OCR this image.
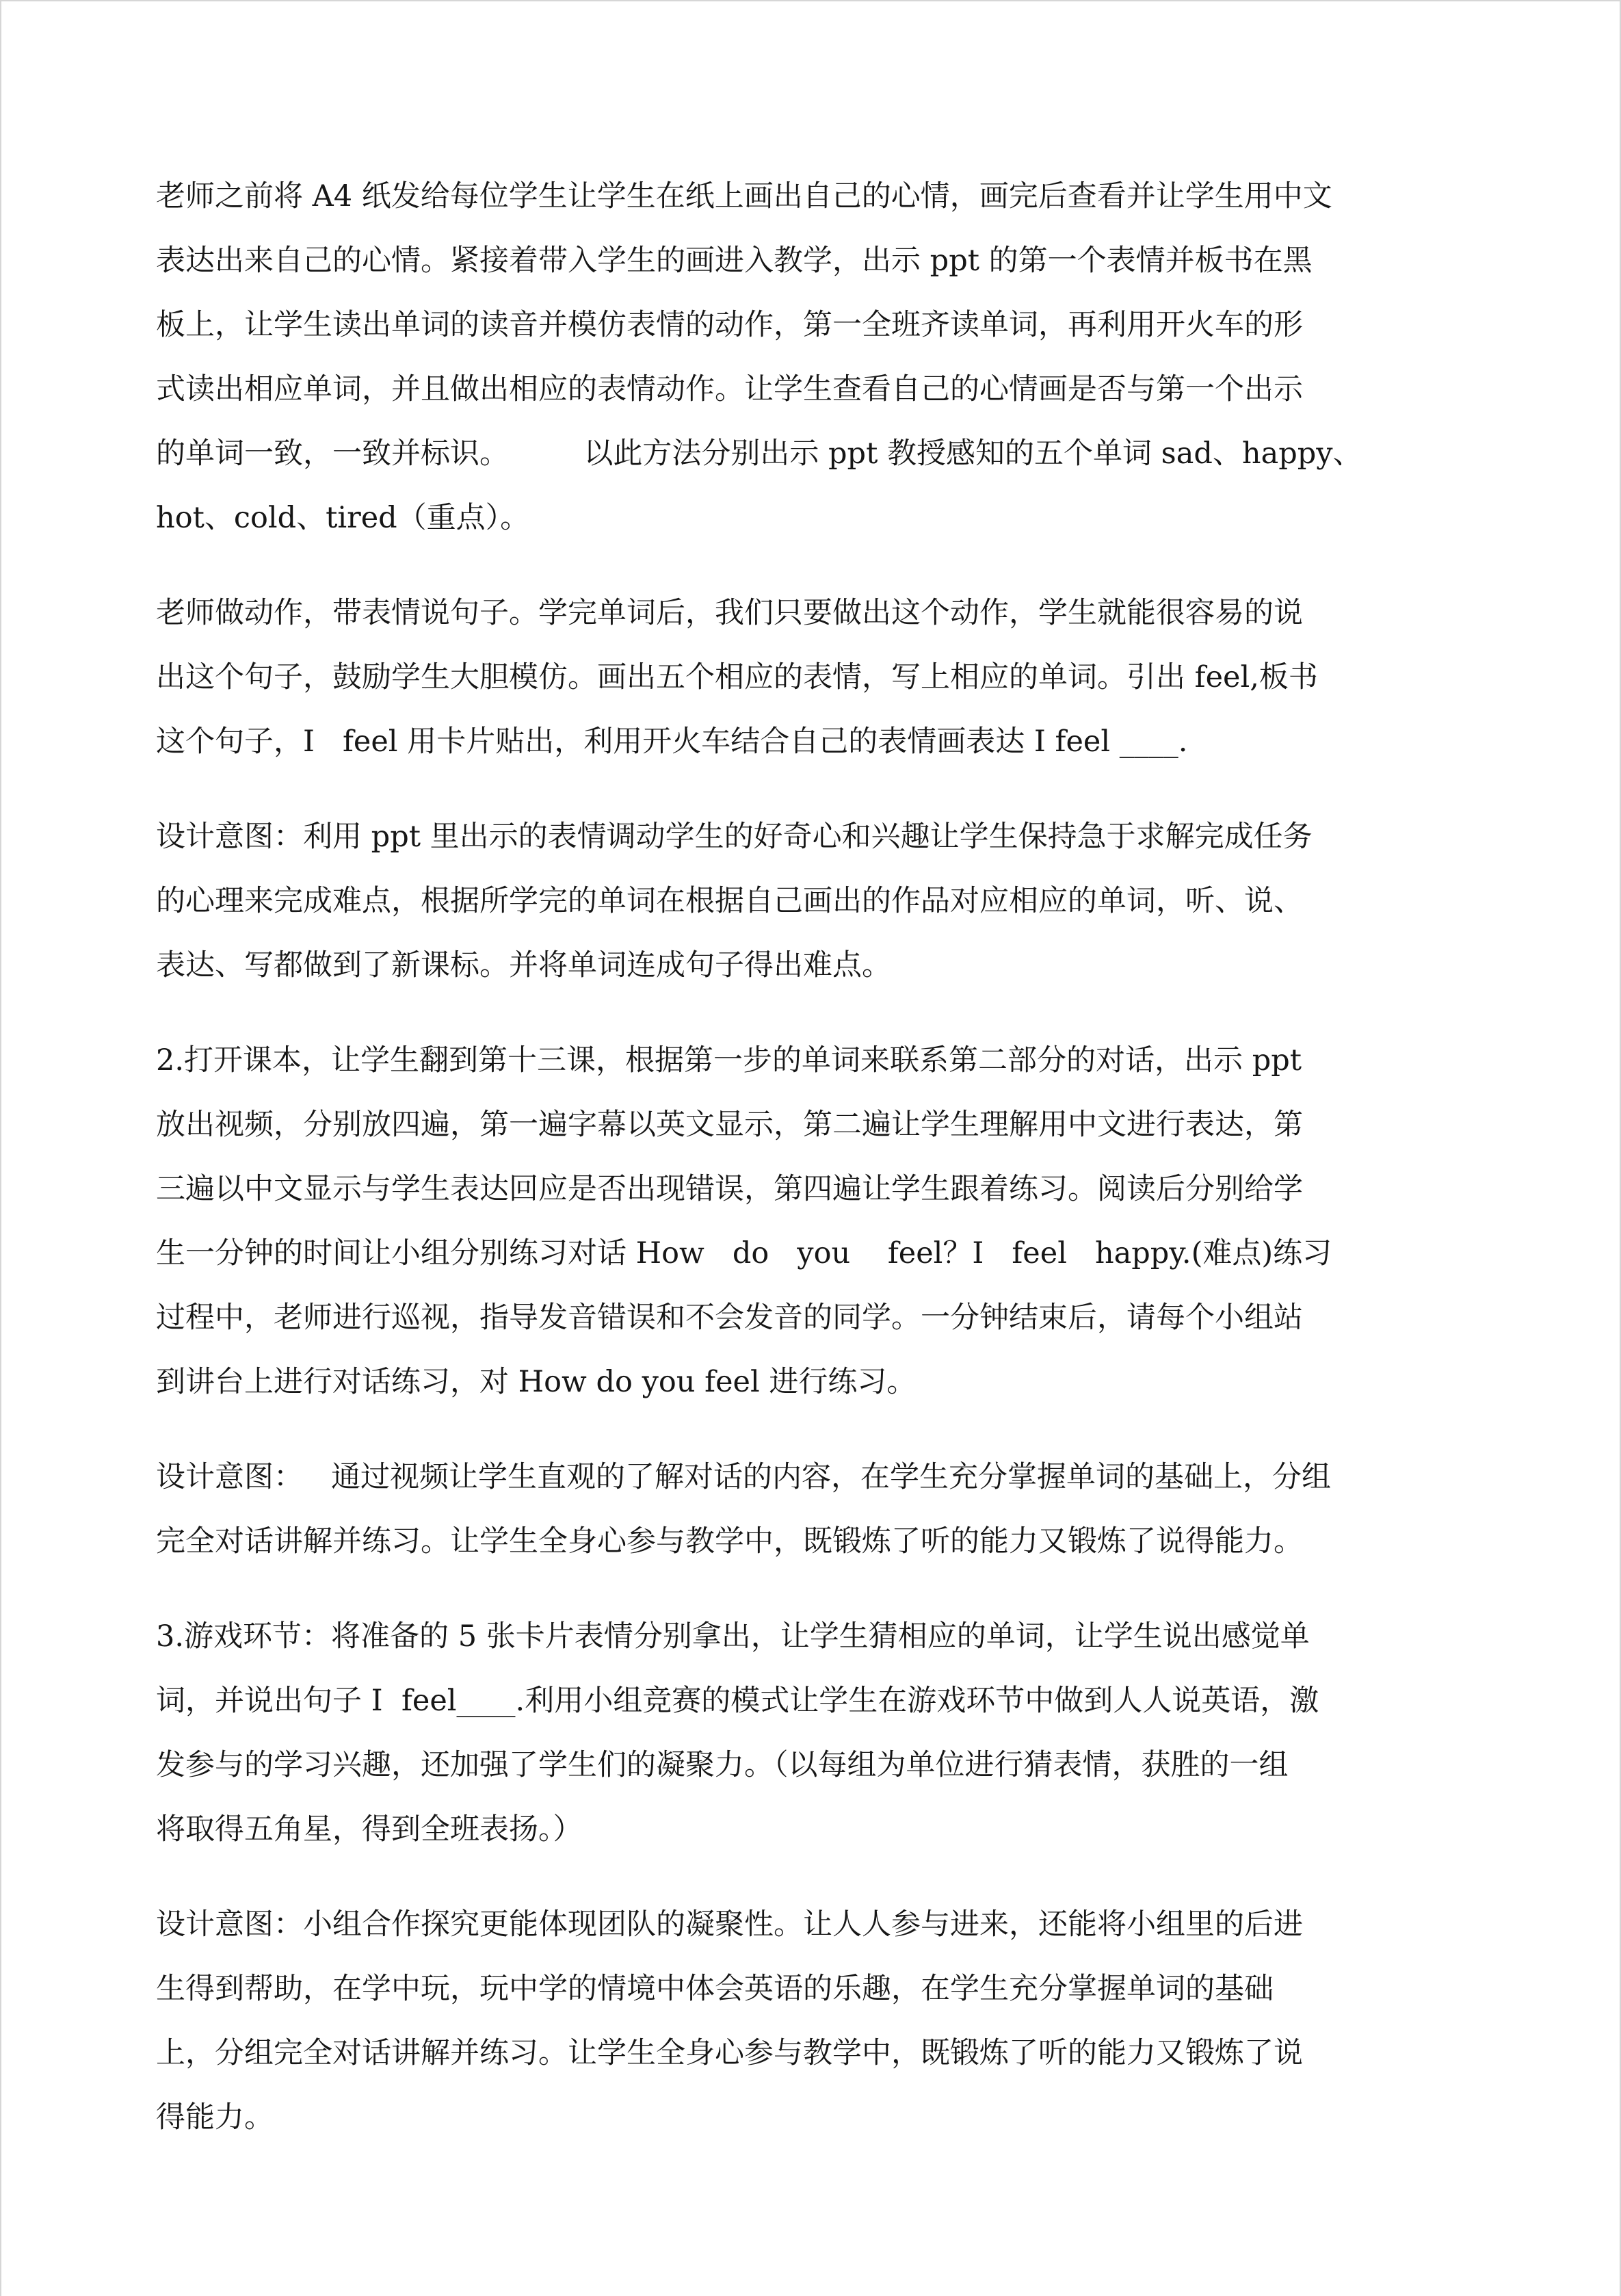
老师之前将 A4 纸发给每位学生让学生在纸上画出自己的心情，画完后查看并让学生用中文
表达出来自己的心情。紧接着带入学生的画进入教学，出示 ppt 的第一个表情并板书在黑
板上，让学生读出单词的读音并模仿表情的动作，第一全班齐读单词，再利用开火车的形
式读出相应单词，并且做出相应的表情动作。让学生查看自己的心情画是否与第一个出示
的单词一致，一致并标识。        以此方法分别出示 ppt 教授感知的五个单词 sad、happy、
hot、cold、tired（重点）。
老师做动作，带表情说句子。学完单词后，我们只要做出这个动作，学生就能很容易的说
出这个句子，鼓励学生大胆模仿。画出五个相应的表情，写上相应的单词。引出 feel,板书
这个句子，I   feel 用卡片贴出，利用开火车结合自己的表情画表达 I feel ____.
设计意图：利用 ppt 里出示的表情调动学生的好奇心和兴趣让学生保持急于求解完成任务
的心理来完成难点，根据所学完的单词在根据自己画出的作品对应相应的单词，听、说、
表达、写都做到了新课标。并将单词连成句子得出难点。
2.打开课本，让学生翻到第十三课，根据第一步的单词来联系第二部分的对话，出示 ppt
放出视频，分别放四遍，第一遍字幕以英文显示，第二遍让学生理解用中文进行表达，第
三遍以中文显示与学生表达回应是否出现错误，第四遍让学生跟着练习。阅读后分别给学
生一分钟的时间让小组分别练习对话 How   do   you    feel？I   feel   happy.(难点)练习
过程中，老师进行巡视，指导发音错误和不会发音的同学。一分钟结束后，请每个小组站
到讲台上进行对话练习，对 How do you feel 进行练习。
设计意图：   通过视频让学生直观的了解对话的内容，在学生充分掌握单词的基础上，分组
完全对话讲解并练习。让学生全身心参与教学中，既锻炼了听的能力又锻炼了说得能力。
3.游戏环节：将准备的 5 张卡片表情分别拿出，让学生猜相应的单词，让学生说出感觉单
词，并说出句子 I  feel____.利用小组竞赛的模式让学生在游戏环节中做到人人说英语，激
发参与的学习兴趣，还加强了学生们的凝聚力。（以每组为单位进行猜表情，获胜的一组
将取得五角星，得到全班表扬。）
设计意图：小组合作探究更能体现团队的凝聚性。让人人参与进来，还能将小组里的后进
生得到帮助，在学中玩，玩中学的情境中体会英语的乐趣，在学生充分掌握单词的基础
上，分组完全对话讲解并练习。让学生全身心参与教学中，既锻炼了听的能力又锻炼了说
得能力。
